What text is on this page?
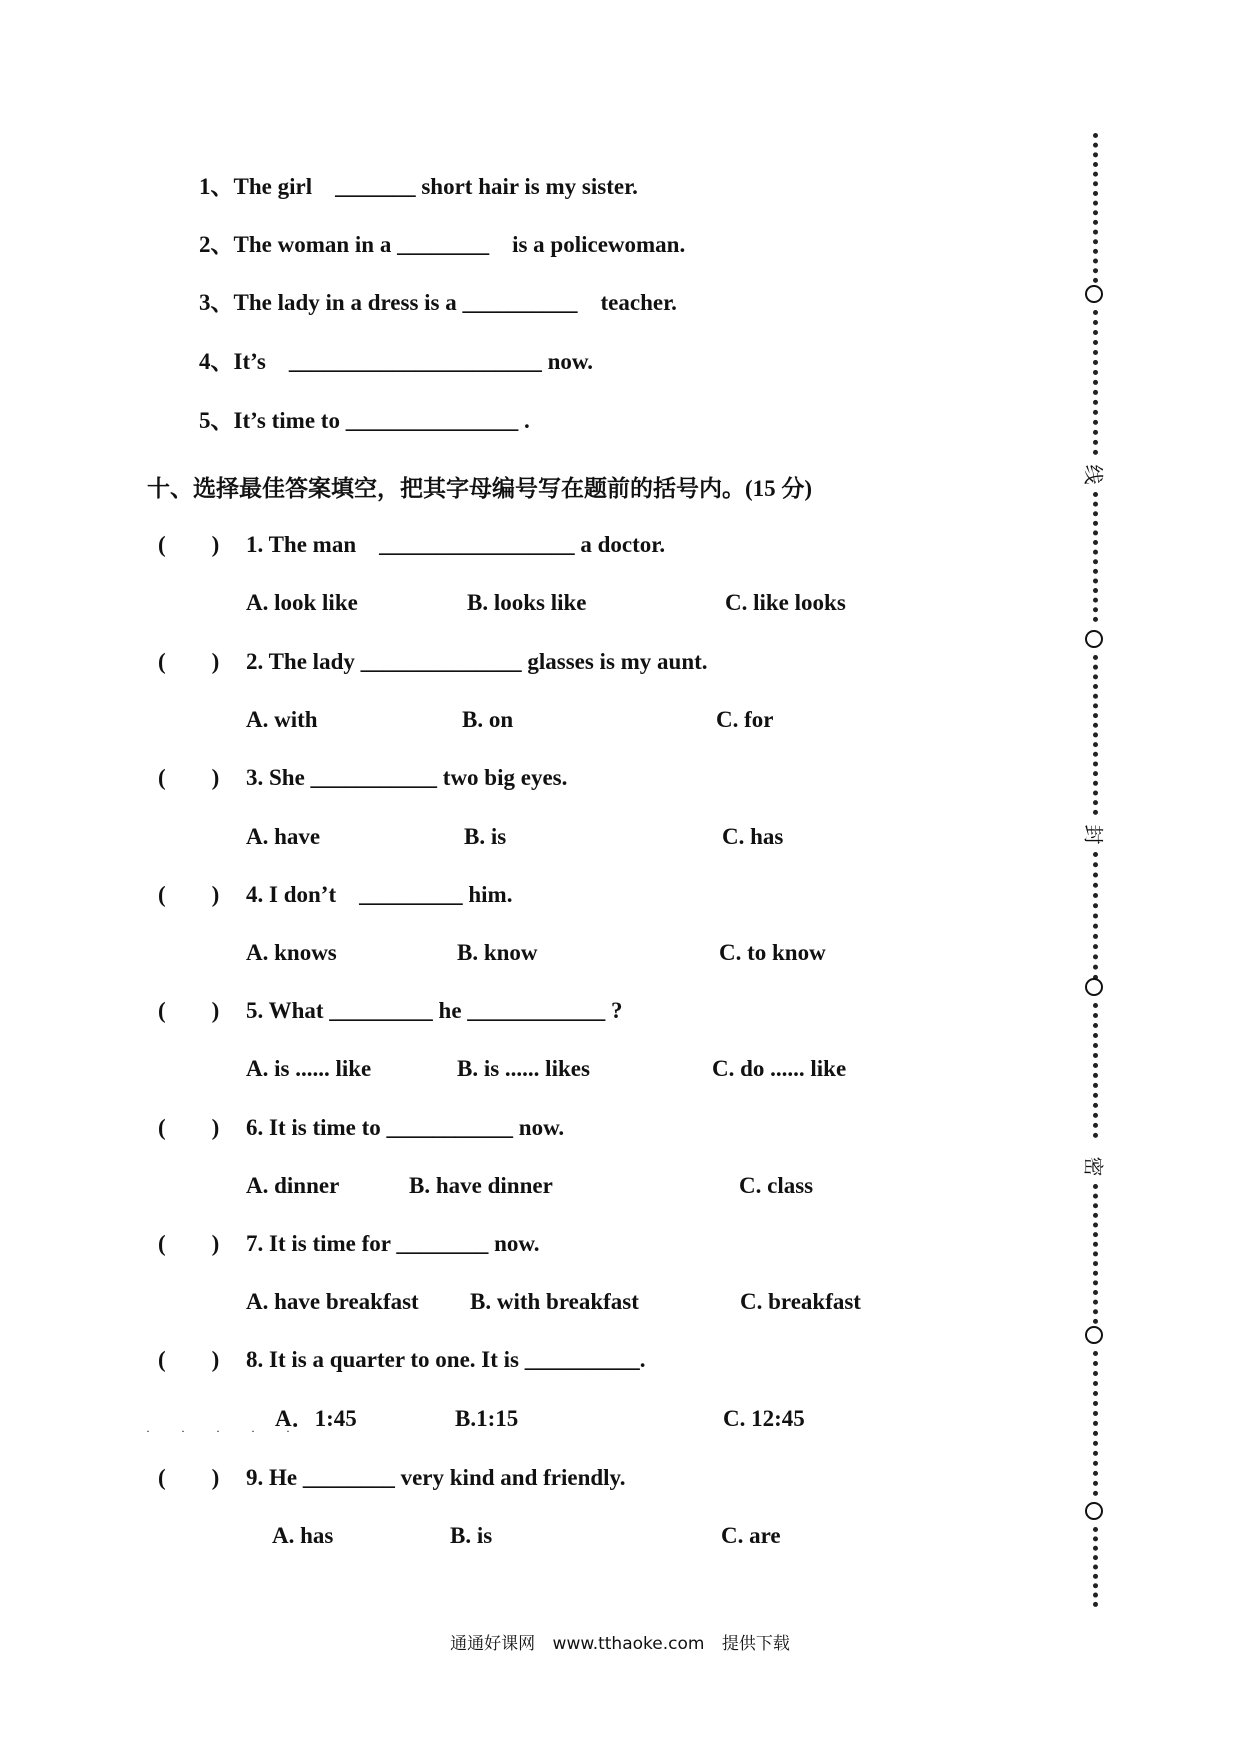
1、The girl    _______ short hair is my sister.
2、The woman in a ________    is a policewoman.
3、The lady in a dress is a __________    teacher.
4、It’s    ______________________ now.
5、It’s time to _______________ .
十、选择最佳答案填空，把其字母编号写在题前的括号内。(15 分)
(        ) 1. The man    _________________ a doctor.
A. look like	B. looks like	C. like looks
(        ) 2. The lady ______________ glasses is my aunt.
A. with	B. on	C. for
(        ) 3. She ___________ two big eyes.
A. have	B. is	C. has
(        ) 4. I don’t    _________ him.
A. knows	B. know	C. to know
(        ) 5. What _________ he ____________ ?
A. is ...... like	B. is ...... likes	C. do ...... like
(        ) 6. It is time to ___________ now.
A. dinner	B. have dinner	C. class
(        ) 7. It is time for ________ now.
A. have breakfast B. with breakfast	C. breakfast
(        ) 8. It is a quarter to one. It is __________.
· · · · ·
A．1:45	B.1:15	C. 12:45
(        ) 9. He ________ very kind and friendly.
A. has	B. is	C. are
线
封
密
通通好课网 www.tthaoke.com 提供下载
